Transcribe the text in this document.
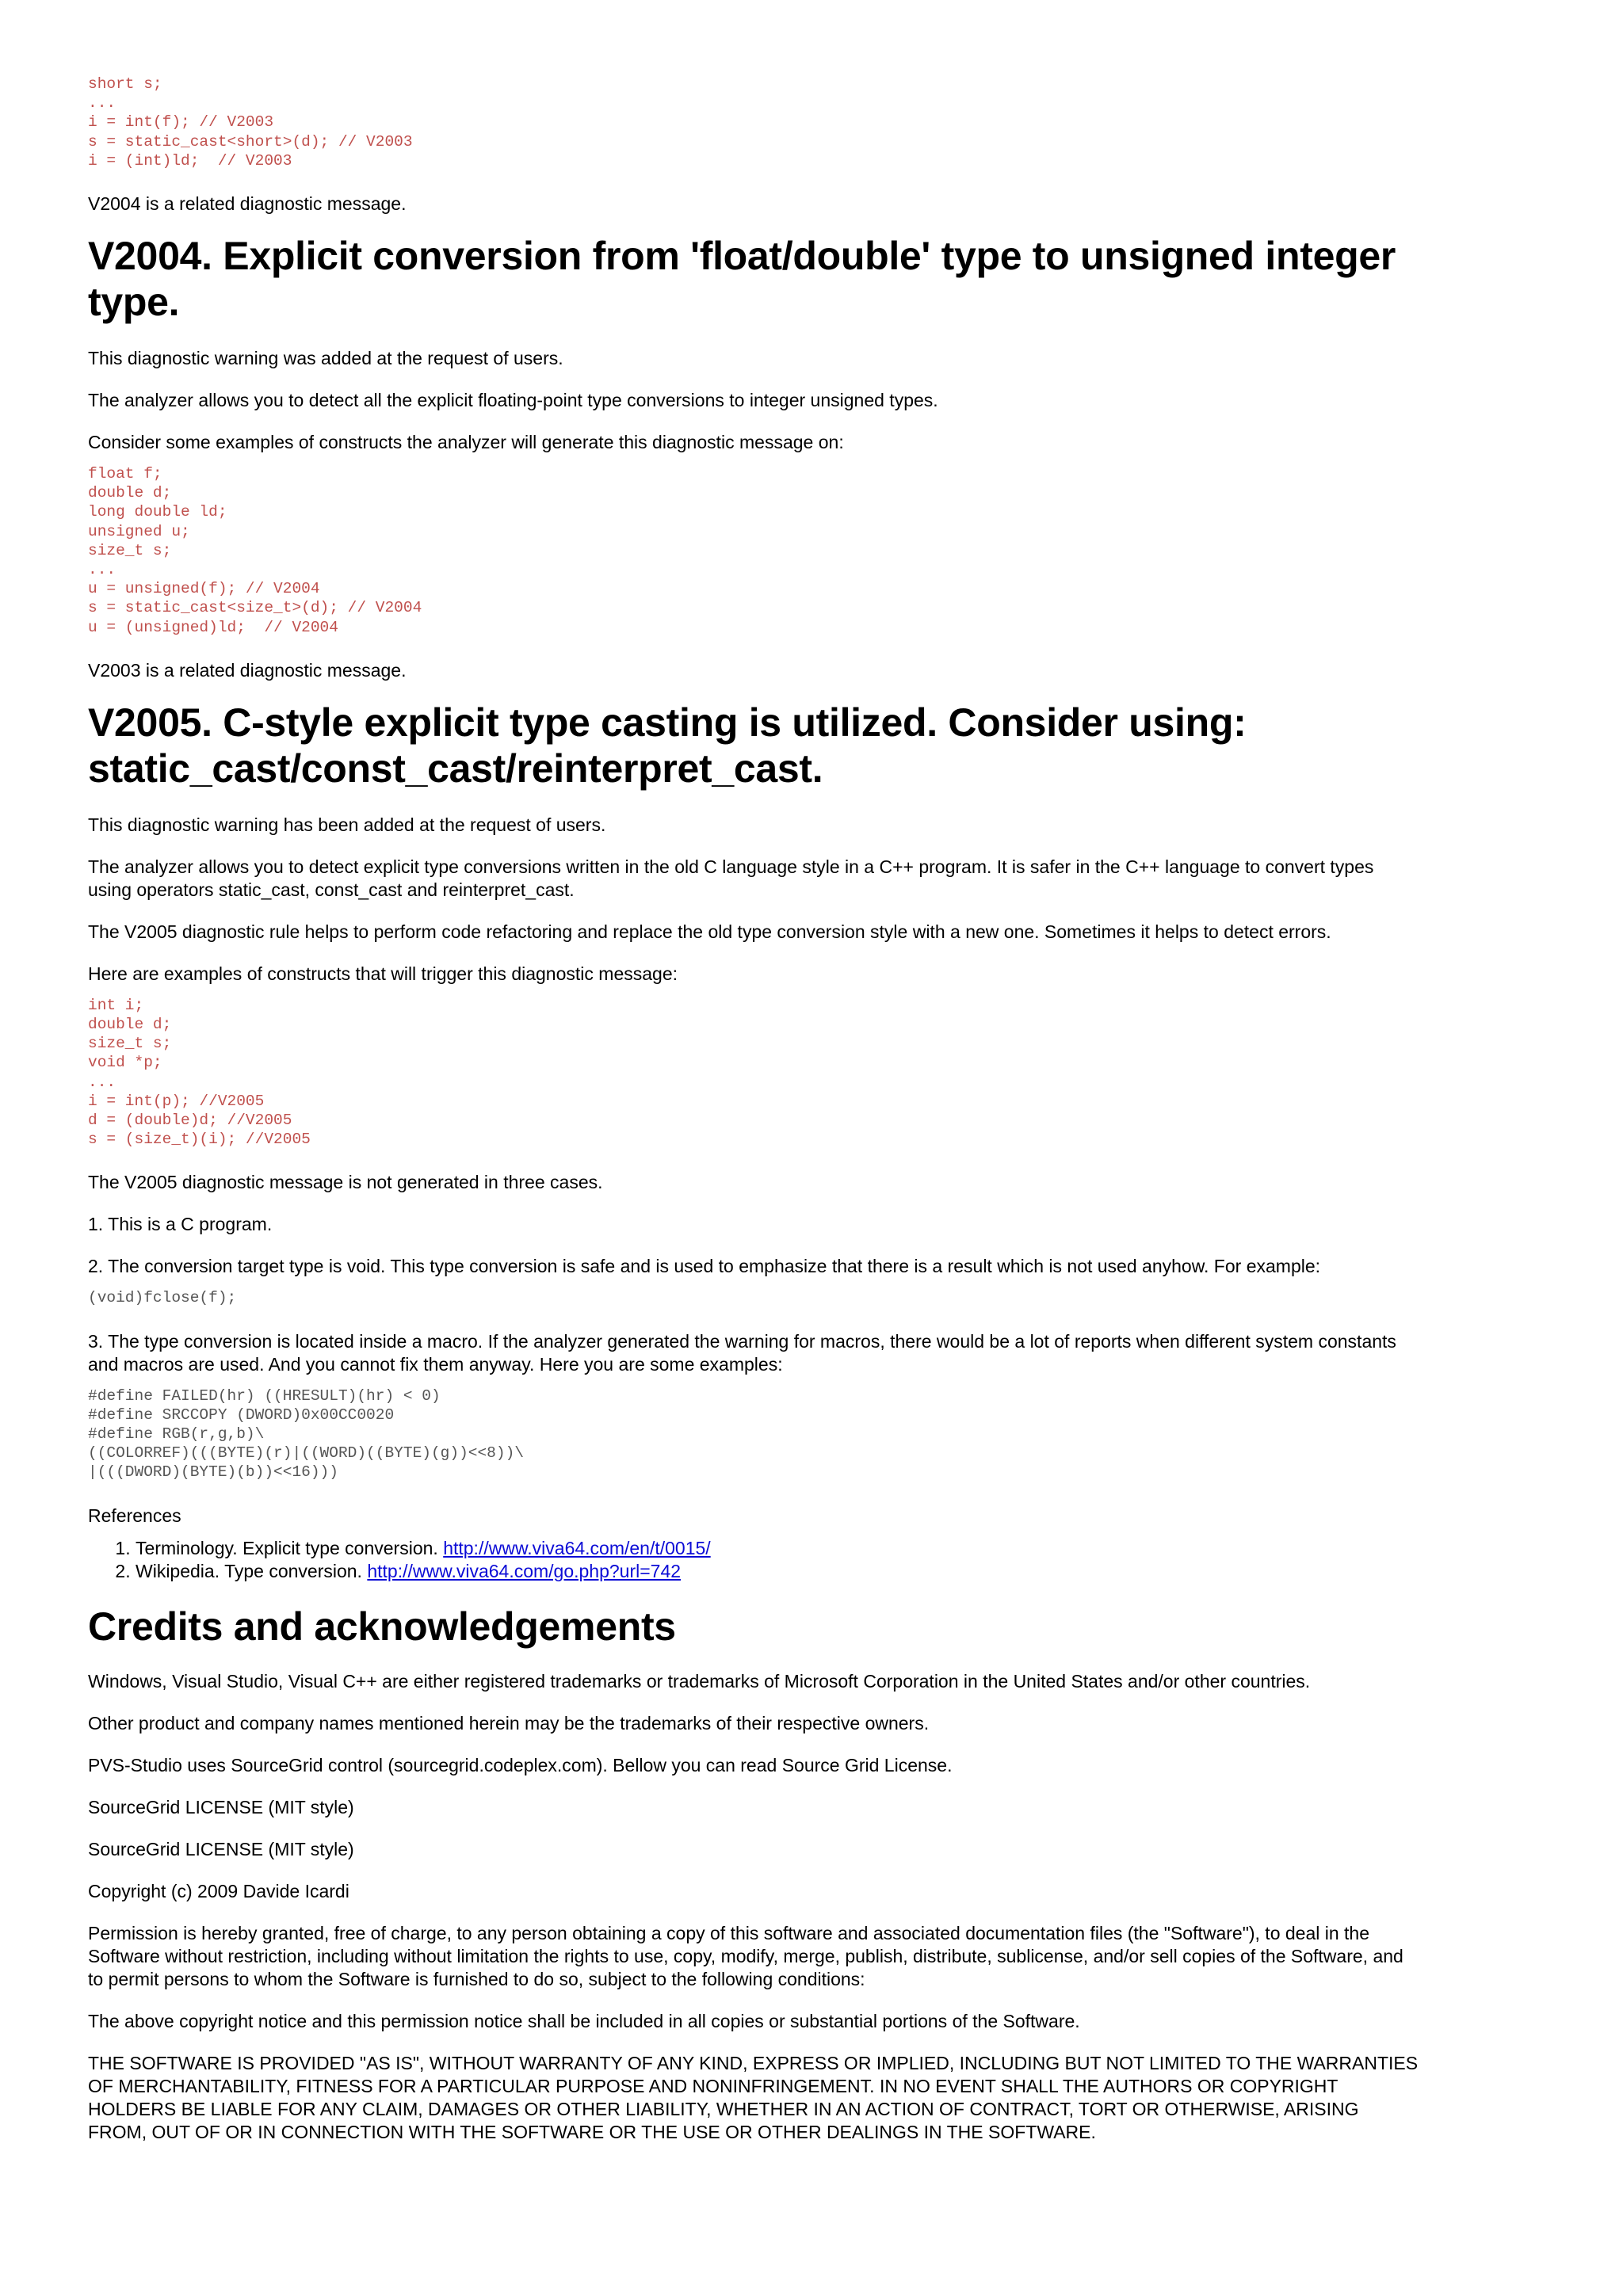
short s;
...
i = int(f); // V2003
s = static_cast<short>(d); // V2003
i = (int)ld;  // V2003

V2004 is a related diagnostic message.

V2004. Explicit conversion from 'float/double' type to unsigned integer type.

This diagnostic warning was added at the request of users.

The analyzer allows you to detect all the explicit floating-point type conversions to integer unsigned types.

Consider some examples of constructs the analyzer will generate this diagnostic message on:

float f;
double d;
long double ld;
unsigned u;
size_t s;
...
u = unsigned(f); // V2004
s = static_cast<size_t>(d); // V2004
u = (unsigned)ld;  // V2004

V2003 is a related diagnostic message.

V2005. C-style explicit type casting is utilized. Consider using: static_cast/const_cast/reinterpret_cast.

This diagnostic warning has been added at the request of users.

The analyzer allows you to detect explicit type conversions written in the old C language style in a C++ program. It is safer in the C++ language to convert types using operators static_cast, const_cast and reinterpret_cast.

The V2005 diagnostic rule helps to perform code refactoring and replace the old type conversion style with a new one. Sometimes it helps to detect errors.

Here are examples of constructs that will trigger this diagnostic message:

int i;
double d;
size_t s;
void *p;
...
i = int(p); //V2005
d = (double)d; //V2005
s = (size_t)(i); //V2005

The V2005 diagnostic message is not generated in three cases.

1. This is a C program.

2. The conversion target type is void. This type conversion is safe and is used to emphasize that there is a result which is not used anyhow. For example:

(void)fclose(f);

3. The type conversion is located inside a macro. If the analyzer generated the warning for macros, there would be a lot of reports when different system constants and macros are used. And you cannot fix them anyway. Here you are some examples:

#define FAILED(hr) ((HRESULT)(hr) < 0)
#define SRCCOPY (DWORD)0x00CC0020
#define RGB(r,g,b)\
((COLORREF)(((BYTE)(r)|((WORD)((BYTE)(g))<<8))\
|(((DWORD)(BYTE)(b))<<16)))

References

1. Terminology. Explicit type conversion. http://www.viva64.com/en/t/0015/
2. Wikipedia. Type conversion. http://www.viva64.com/go.php?url=742
Credits and acknowledgements

Windows, Visual Studio, Visual C++ are either registered trademarks or trademarks of Microsoft Corporation in the United States and/or other countries.

Other product and company names mentioned herein may be the trademarks of their respective owners.

PVS-Studio uses SourceGrid control (sourcegrid.codeplex.com). Bellow you can read Source Grid License.

SourceGrid LICENSE (MIT style)

SourceGrid LICENSE (MIT style)

Copyright (c) 2009 Davide Icardi

Permission is hereby granted, free of charge, to any person obtaining a copy of this software and associated documentation files (the "Software"), to deal in the Software without restriction, including without limitation the rights to use, copy, modify, merge, publish, distribute, sublicense, and/or sell copies of the Software, and to permit persons to whom the Software is furnished to do so, subject to the following conditions:

The above copyright notice and this permission notice shall be included in all copies or substantial portions of the Software.

THE SOFTWARE IS PROVIDED "AS IS", WITHOUT WARRANTY OF ANY KIND, EXPRESS OR IMPLIED, INCLUDING BUT NOT LIMITED TO THE WARRANTIES OF MERCHANTABILITY, FITNESS FOR A PARTICULAR PURPOSE AND NONINFRINGEMENT. IN NO EVENT SHALL THE AUTHORS OR COPYRIGHT HOLDERS BE LIABLE FOR ANY CLAIM, DAMAGES OR OTHER LIABILITY, WHETHER IN AN ACTION OF CONTRACT, TORT OR OTHERWISE, ARISING FROM, OUT OF OR IN CONNECTION WITH THE SOFTWARE OR THE USE OR OTHER DEALINGS IN THE SOFTWARE.
